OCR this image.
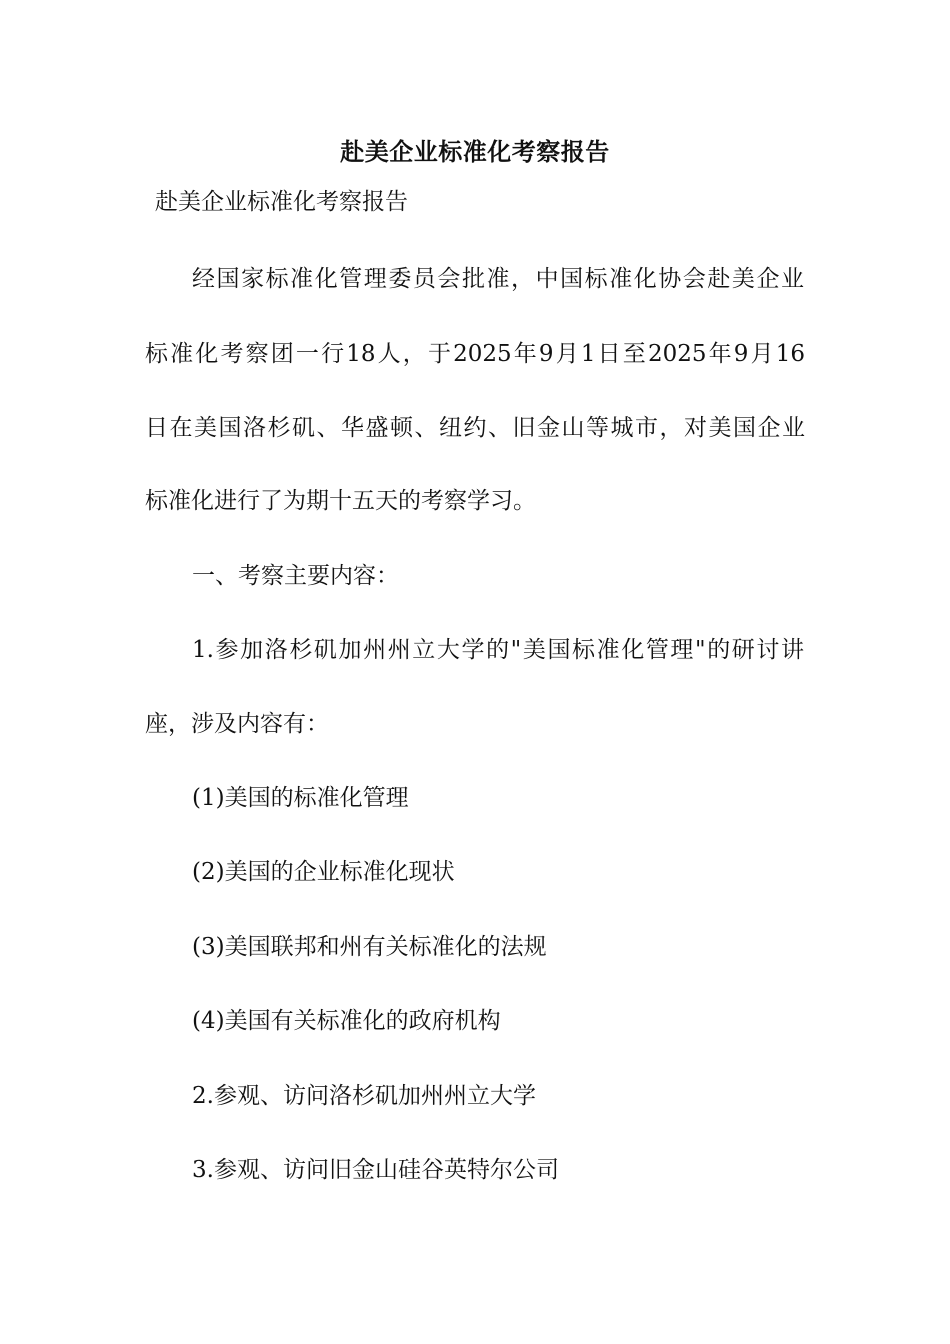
赴美企业标准化考察报告

赴美企业标准化考察报告

经国家标准化管理委员会批准，中国标准化协会赴美企业

标准化考察团一行18人，于2025年9月1日至2025年9月16

日在美国洛杉矶、华盛顿、纽约、旧金山等城市，对美国企业

标准化进行了为期十五天的考察学习。

一、考察主要内容：

1.参加洛杉矶加州州立大学的"美国标准化管理"的研讨讲

座，涉及内容有：

(1)美国的标准化管理

(2)美国的企业标准化现状

(3)美国联邦和州有关标准化的法规

(4)美国有关标准化的政府机构

2.参观、访问洛杉矶加州州立大学

3.参观、访问旧金山硅谷英特尔公司
